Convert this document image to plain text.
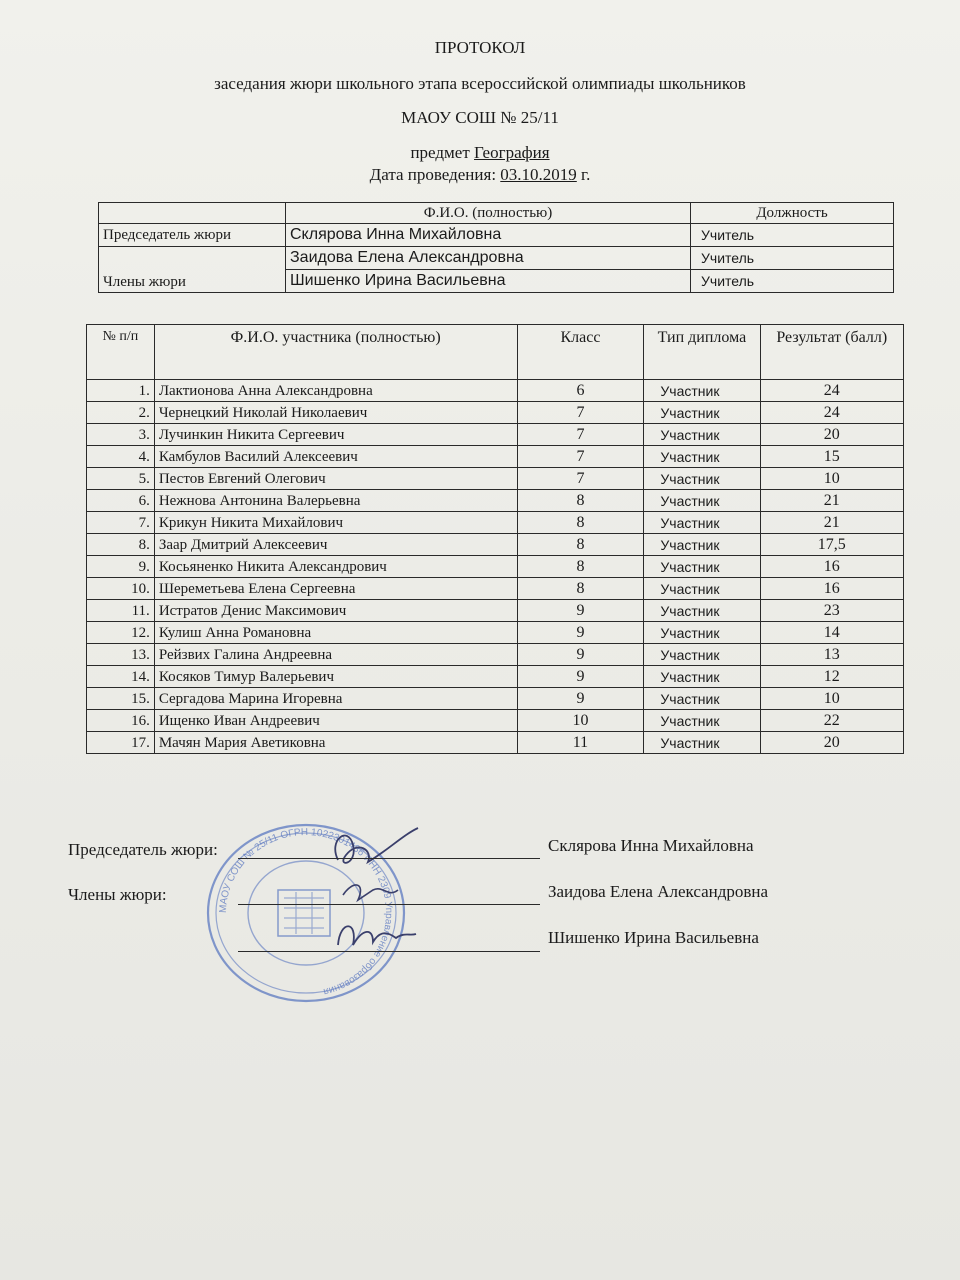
ПРОТОКОЛ
заседания жюри школьного этапа всероссийской олимпиады школьников
МАОУ СОШ № 25/11
предмет География
Дата проведения: 03.10.2019 г.
	Ф.И.О. (полностью)	Должность
Председатель жюри	Склярова Инна Михайловна	Учитель
Члены жюри	Заидова Елена Александровна	Учитель
	Шишенко Ирина Васильевна	Учитель
№ п/п	Ф.И.О. участника (полностью)	Класс	Тип диплома	Результат (балл)
1.	Лактионова Анна Александровна	6	Участник	24
2.	Чернецкий Николай Николаевич	7	Участник	24
3.	Лучинкин Никита Сергеевич	7	Участник	20
4.	Камбулов Василий Алексеевич	7	Участник	15
5.	Пестов Евгений Олегович	7	Участник	10
6.	Нежнова Антонина Валерьевна	8	Участник	21
7.	Крикун Никита Михайлович	8	Участник	21
8.	Заар Дмитрий Алексеевич	8	Участник	17,5
9.	Косьяненко Никита Александрович	8	Участник	16
10.	Шереметьева Елена Сергеевна	8	Участник	16
11.	Истратов Денис Максимович	9	Участник	23
12.	Кулиш Анна Романовна	9	Участник	14
13.	Рейзвих Галина Андреевна	9	Участник	13
14.	Косяков Тимур Валерьевич	9	Участник	12
15.	Сергадова Марина Игоревна	9	Участник	10
16.	Ищенко Иван Андреевич	10	Участник	22
17.	Мачян Мария Аветиковна	11	Участник	20
МАОУ СОШ № 25/11 ОГРН 1022301436 ИНН 2309 Управление образования
Председатель жюри:	Склярова Инна Михайловна
Члены жюри:	Заидова Елена Александровна
Шишенко Ирина Васильевна
